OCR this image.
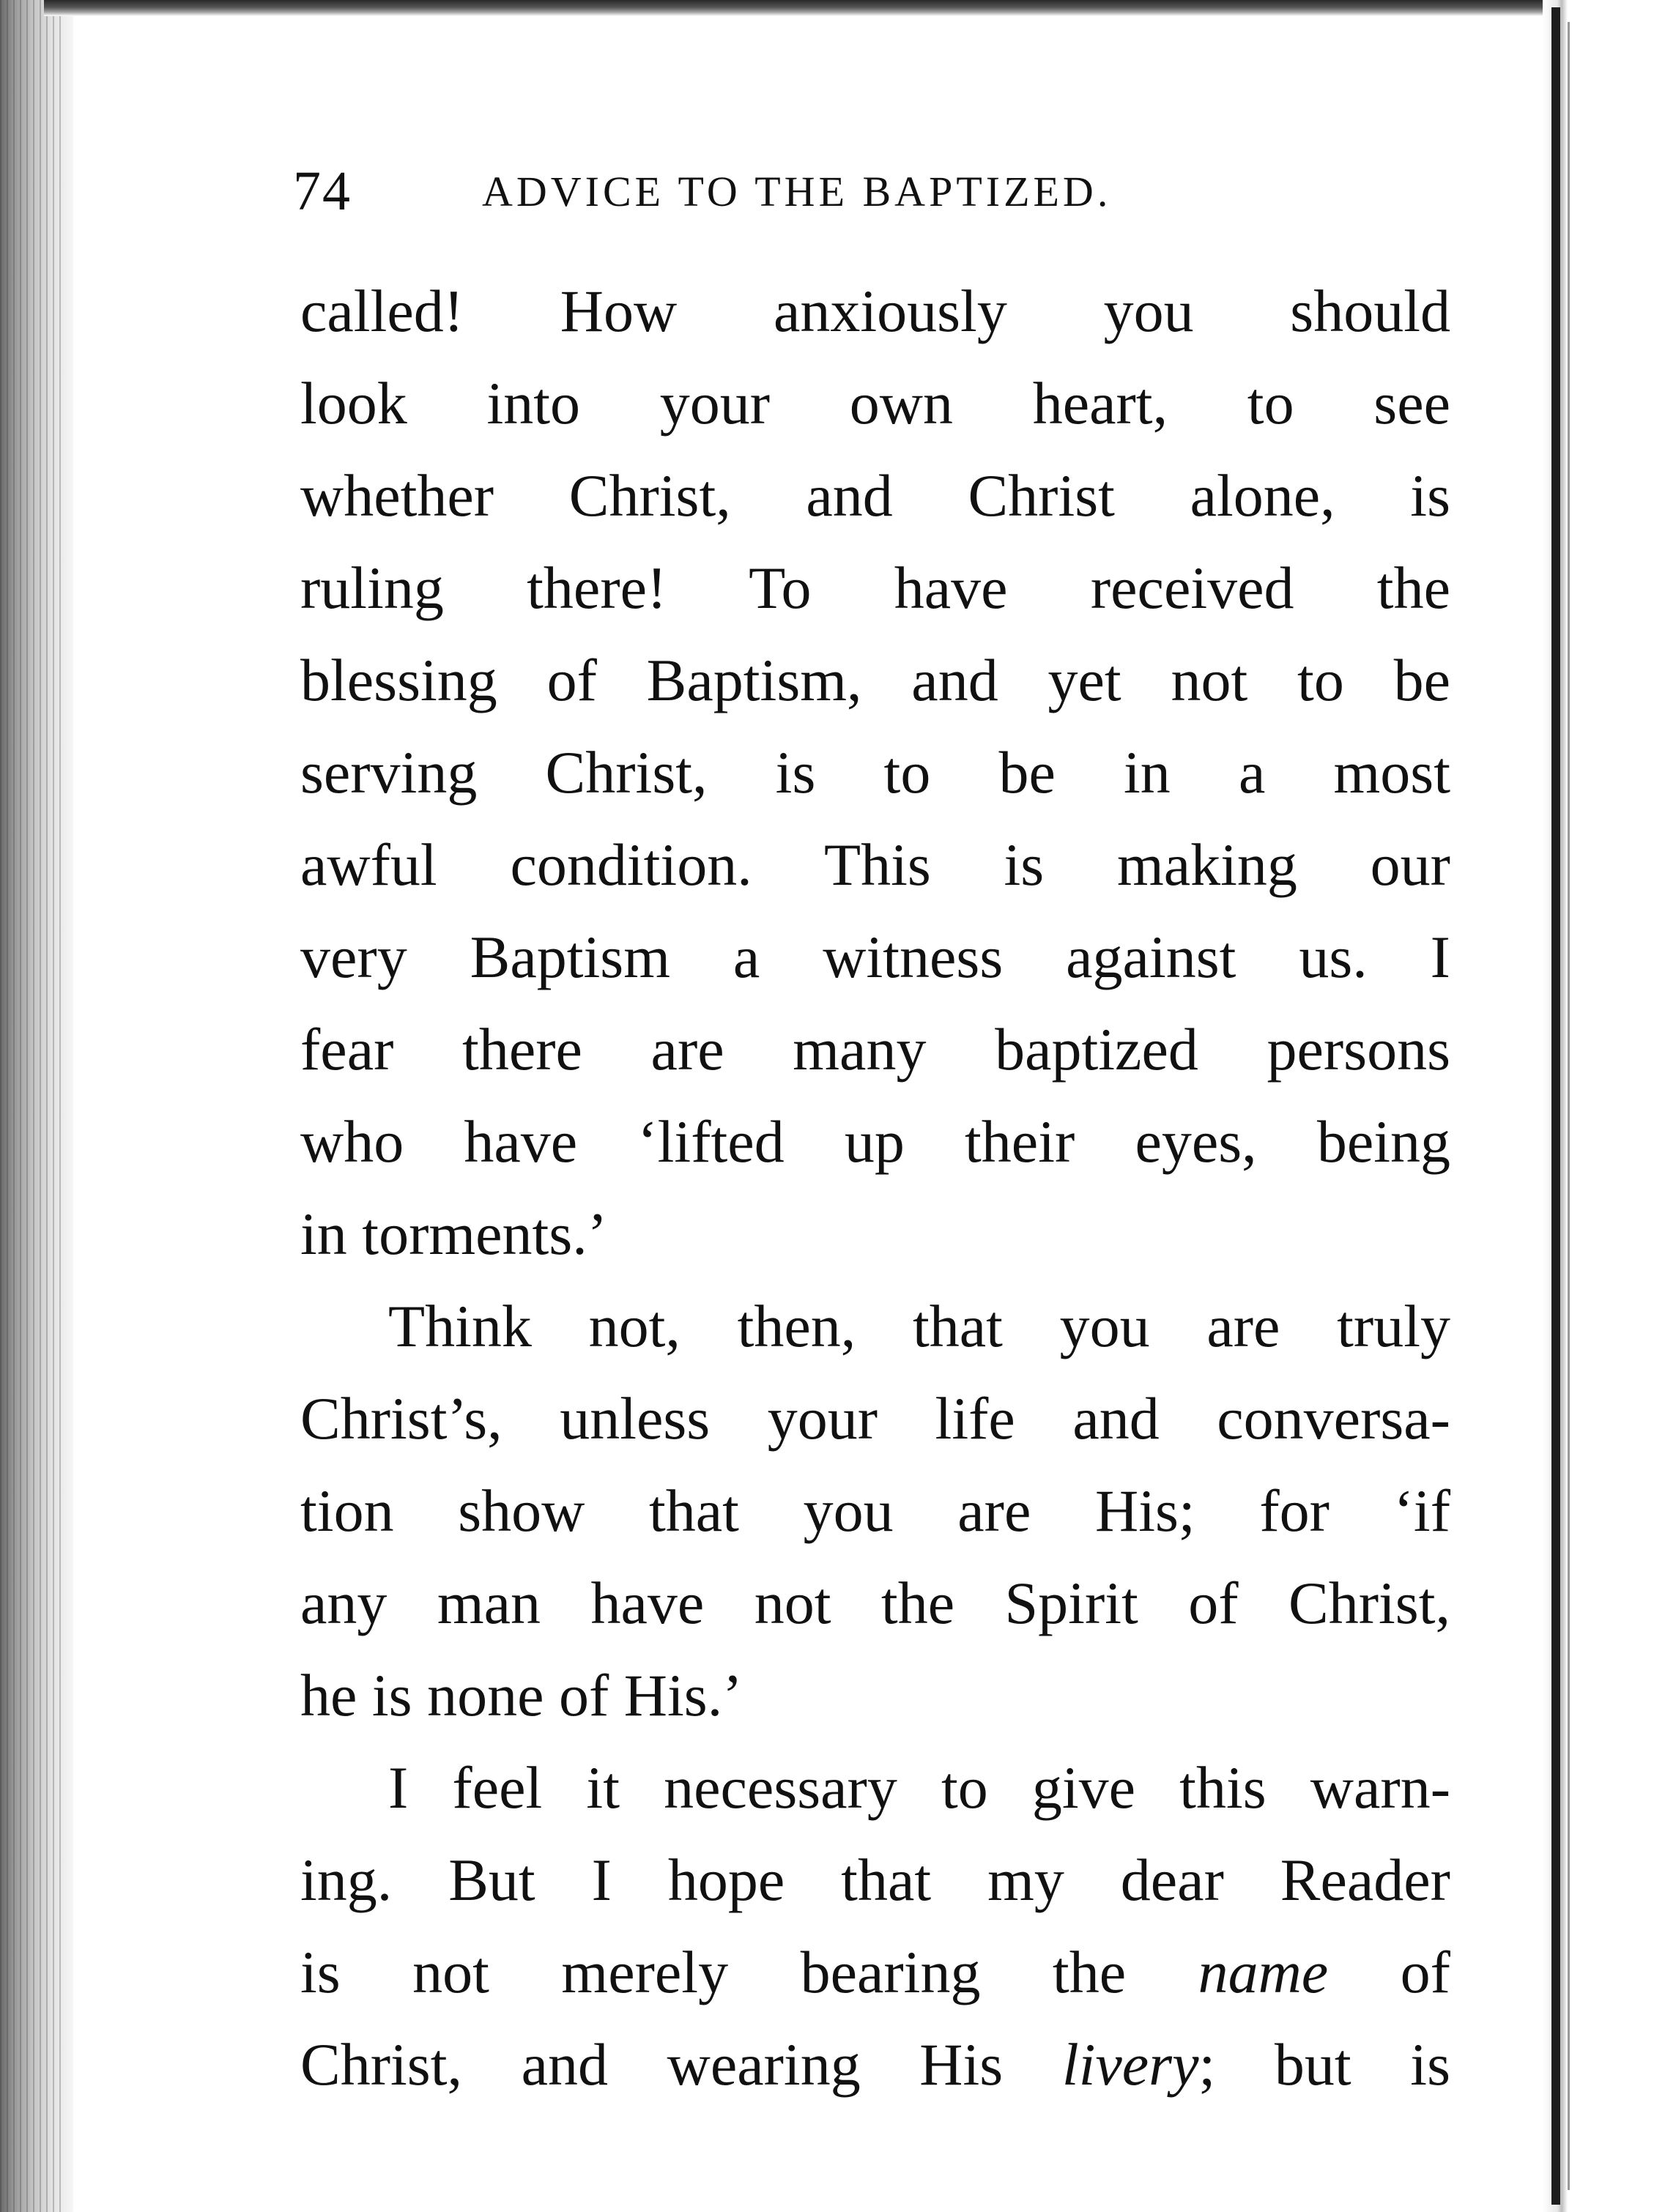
74	ADVICE TO THE BAPTIZED.
called! How anxiously you should
look into your own heart, to see
whether Christ, and Christ alone, is
ruling there! To have received the
blessing of Baptism, and yet not to be
serving Christ, is to be in a most
awful condition. This is making our
very Baptism a witness against us. I
fear there are many baptized persons
who have ‘lifted up their eyes, being
in torments.’
Think not, then, that you are truly
Christ’s, unless your life and conversa-
tion show that you are His; for ‘if
any man have not the Spirit of Christ,
he is none of His.’
I feel it necessary to give this warn-
ing. But I hope that my dear Reader
is not merely bearing the name of
Christ, and wearing His livery; but is
